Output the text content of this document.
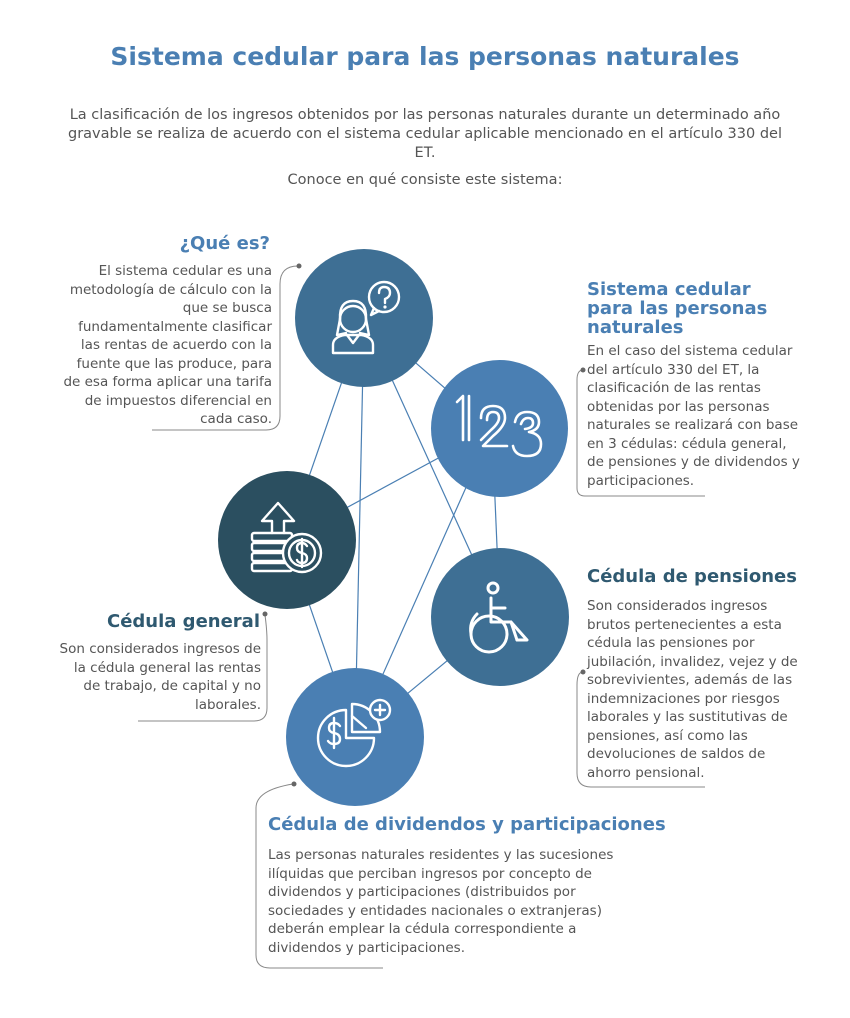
Sistema cedular para las personas naturales

La clasificación de los ingresos obtenidos por las personas naturales durante un determinado año gravable se realiza de acuerdo con el sistema cedular aplicable mencionado en el artículo 330 del ET.

Conoce en qué consiste este sistema:

¿Qué es?

El sistema cedular es una metodología de cálculo con la que se busca fundamentalmente clasificar las rentas de acuerdo con la fuente que las produce, para de esa forma aplicar una tarifa de impuestos diferencial en cada caso.

Sistema cedular para las personas naturales

En el caso del sistema cedular del artículo 330 del ET, la clasificación de las rentas obtenidas por las personas naturales se realizará con base en 3 cédulas: cédula general, de pensiones y de dividendos y participaciones.

Cédula general

Son considerados ingresos de la cédula general las rentas de trabajo, de capital y no laborales.

Cédula de pensiones

Son considerados ingresos brutos pertenecientes a esta cédula las pensiones por jubilación, invalidez, vejez y de sobrevivientes, además de las indemnizaciones por riesgos laborales y las sustitutivas de pensiones, así como las devoluciones de saldos de ahorro pensional.

Cédula de dividendos y participaciones

Las personas naturales residentes y las sucesiones ilíquidas que perciban ingresos por concepto de dividendos y participaciones (distribuidos por sociedades y entidades nacionales o extranjeras) deberán emplear la cédula correspondiente a dividendos y participaciones.
